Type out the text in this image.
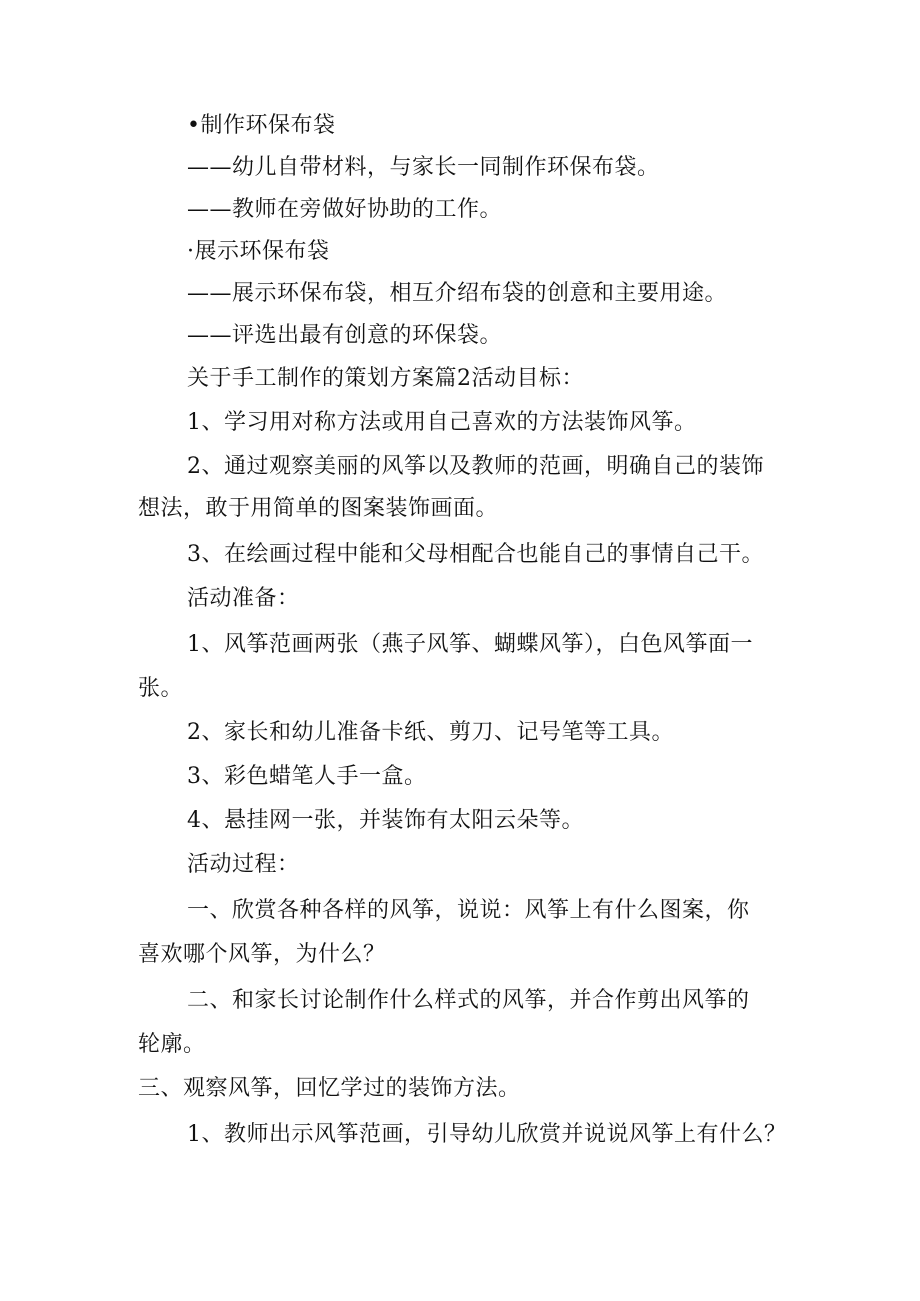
•制作环保布袋
——幼儿自带材料，与家长一同制作环保布袋。
——教师在旁做好协助的工作。
·展示环保布袋
——展示环保布袋，相互介绍布袋的创意和主要用途。
——评选出最有创意的环保袋。
关于手工制作的策划方案篇2活动目标：
1、学习用对称方法或用自己喜欢的方法装饰风筝。
2、通过观察美丽的风筝以及教师的范画，明确自己的装饰
想法，敢于用简单的图案装饰画面。
3、在绘画过程中能和父母相配合也能自己的事情自己干。
活动准备：
1、风筝范画两张（燕子风筝、蝴蝶风筝），白色风筝面一
张。
2、家长和幼儿准备卡纸、剪刀、记号笔等工具。
3、彩色蜡笔人手一盒。
4、悬挂网一张，并装饰有太阳云朵等。
活动过程：
一、欣赏各种各样的风筝，说说：风筝上有什么图案，你
喜欢哪个风筝，为什么？
二、和家长讨论制作什么样式的风筝，并合作剪出风筝的
轮廓。
三、观察风筝，回忆学过的装饰方法。
1、教师出示风筝范画，引导幼儿欣赏并说说风筝上有什么？
